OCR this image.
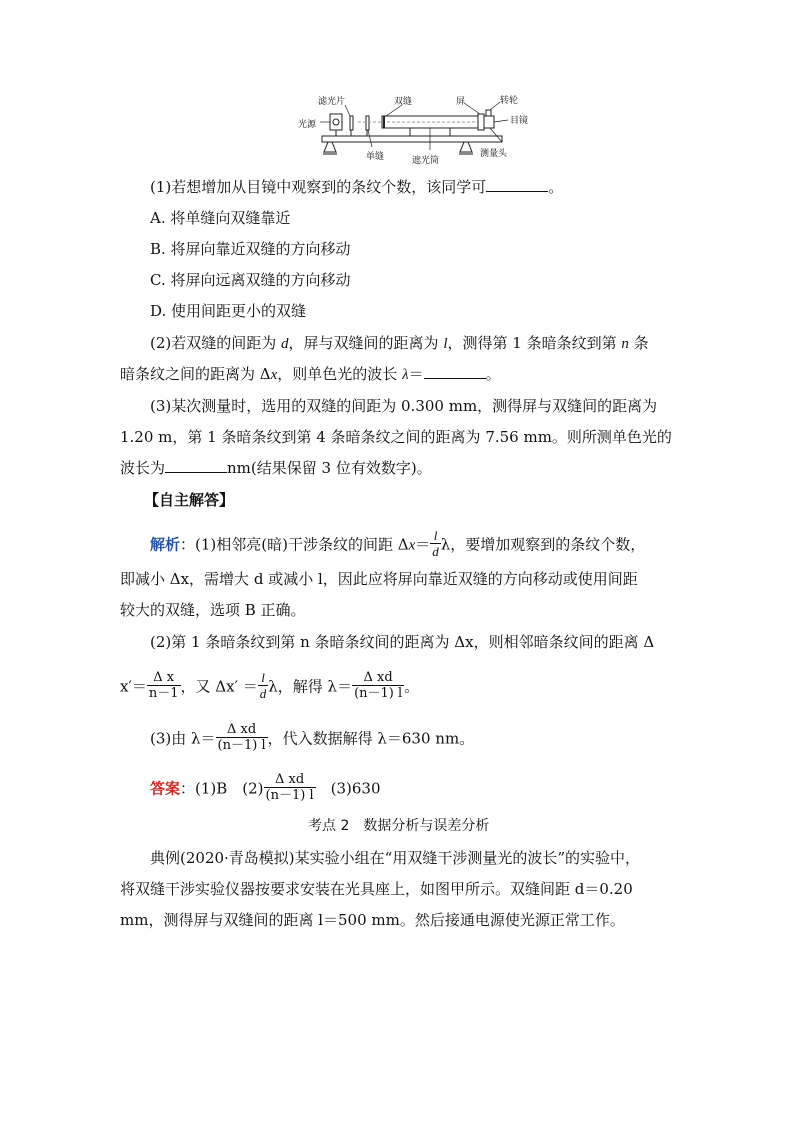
滤光片	双缝	屏	转轮
光源	目镜
单缝	遮光筒
测量头
(1)若想增加从目镜中观察到的条纹个数，该同学可	。
A. 将单缝向双缝靠近
B. 将屏向靠近双缝的方向移动
C. 将屏向远离双缝的方向移动
D. 使用间距更小的双缝
(2)若双缝的间距为 d，屏与双缝间的距离为 l，测得第 1 条暗条纹到第 n 条
暗条纹之间的距离为 Δx，则单色光的波长 λ＝	。
(3)某次测量时，选用的双缝的间距为 0.300 mm，测得屏与双缝间的距离为
1.20 m，第 1 条暗条纹到第 4 条暗条纹之间的距离为 7.56 mm。则所测单色光的
波长为	nm(结果保留 3 位有效数字)。
【自主解答】
解析：(1)相邻亮(暗)干涉条纹的间距 $\Delta x= \frac{l}{d}$ λ，要增加观察到的条纹个数，
即减小 Δx，需增大 d 或减小 l，因此应将屏向靠近双缝的方向移动或使用间距
较大的双缝，选项 B 正确。
(2)第 1 条暗条纹到第 n 条暗条纹间的距离为 Δx，则相邻暗条纹间的距离 Δ
$x'= \frac{\text{Δ x}}{n-1}$ ，又 $\Delta x' = \frac{l}{d}$ λ，解得 $\lambda= \frac{\text{Δ xd}}{(n-1) l}$ 。
(3)由 $\lambda= \frac{\text{Δ xd}}{(n-1) l}$ ，代入数据解得 λ＝630 nm。
答案：(1)B　$(2) \frac{\text{Δ xd}}{(n-1) l}$
　 (3)630
考点 2　数据分析与误差分析
典例(2020·青岛模拟)某实验小组在“用双缝干涉测量光的波长”的实验中，
将双缝干涉实验仪器按要求安装在光具座上，如图甲所示。双缝间距 d＝0.20
mm，测得屏与双缝间的距离 l＝500 mm。然后接通电源使光源正常工作。
